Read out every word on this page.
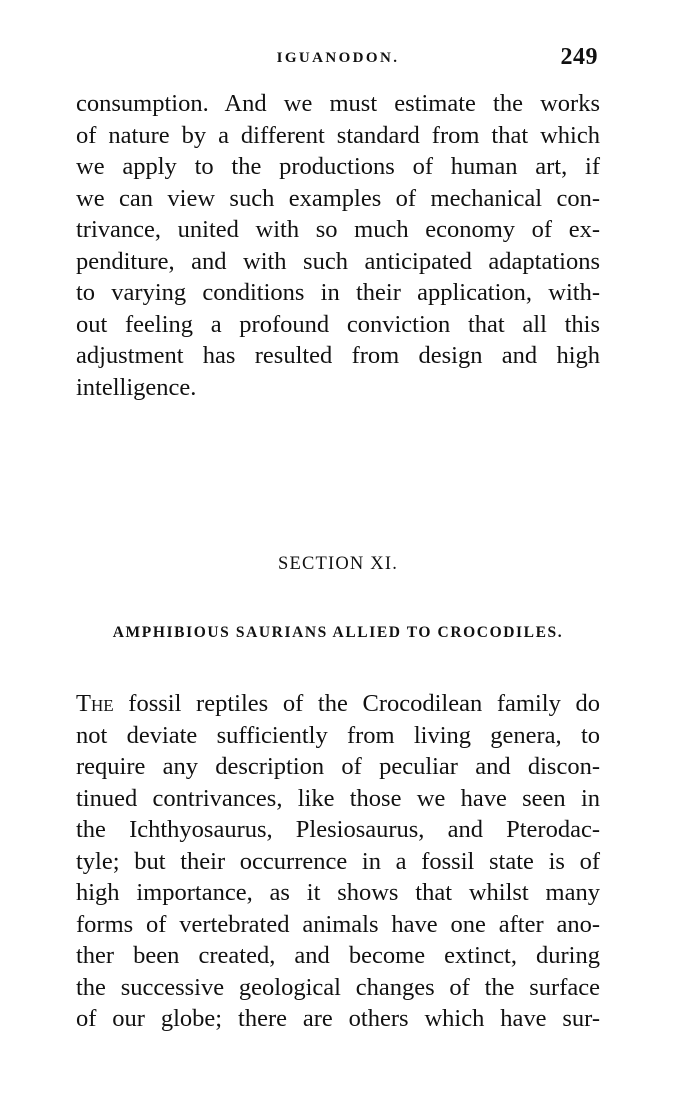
IGUANODON.	249
consumption. And we must estimate the works
of nature by a different standard from that which
we apply to the productions of human art, if
we can view such examples of mechanical con-
trivance, united with so much economy of ex-
penditure, and with such anticipated adaptations
to varying conditions in their application, with-
out feeling a profound conviction that all this
adjustment has resulted from design and high
intelligence.
SECTION XI.
AMPHIBIOUS SAURIANS ALLIED TO CROCODILES.
The fossil reptiles of the Crocodilean family do
not deviate sufficiently from living genera, to
require any description of peculiar and discon-
tinued contrivances, like those we have seen in
the Ichthyosaurus, Plesiosaurus, and Pterodac-
tyle; but their occurrence in a fossil state is of
high importance, as it shows that whilst many
forms of vertebrated animals have one after ano-
ther been created, and become extinct, during
the successive geological changes of the surface
of our globe; there are others which have sur-
